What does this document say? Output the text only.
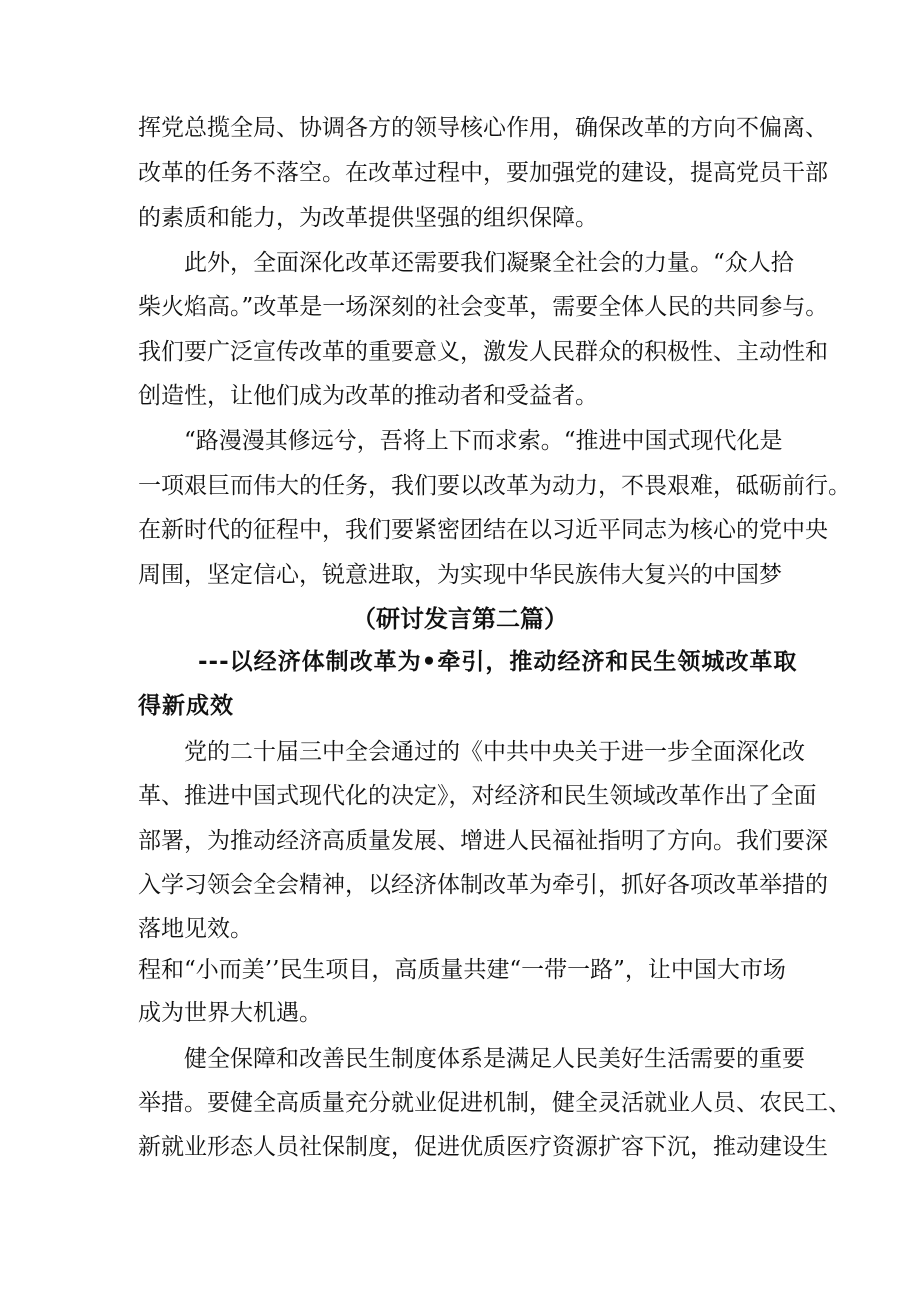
挥党总揽全局、协调各方的领导核心作用，确保改革的方向不偏离、
改革的任务不落空。在改革过程中，要加强党的建设，提高党员干部
的素质和能力，为改革提供坚强的组织保障。
此外，全面深化改革还需要我们凝聚全社会的力量。“众人拾
柴火焰高。”改革是一场深刻的社会变革，需要全体人民的共同参与。
我们要广泛宣传改革的重要意义，激发人民群众的积极性、主动性和
创造性，让他们成为改革的推动者和受益者。
“路漫漫其修远兮，吾将上下而求索。“推进中国式现代化是
一项艰巨而伟大的任务，我们要以改革为动力，不畏艰难，砥砺前行。
在新时代的征程中，我们要紧密团结在以习近平同志为核心的党中央
周围，坚定信心，锐意进取，为实现中华民族伟大复兴的中国梦
（研讨发言第二篇）
---以经济体制改革为•牵引，推动经济和民生领城改革取
得新成效
党的二十届三中全会通过的《中共中央关于进一步全面深化改
革、推进中国式现代化的决定》，对经济和民生领域改革作出了全面
部署，为推动经济高质量发展、增进人民福祉指明了方向。我们要深
入学习领会全会精神，以经济体制改革为牵引，抓好各项改革举措的
落地见效。
程和“小而美’’民生项目，高质量共建“一带一路”，让中国大市场
成为世界大机遇。
健全保障和改善民生制度体系是满足人民美好生活需要的重要
举措。要健全高质量充分就业促进机制，健全灵活就业人员、农民工、
新就业形态人员社保制度，促进优质医疗资源扩容下沉，推动建设生
